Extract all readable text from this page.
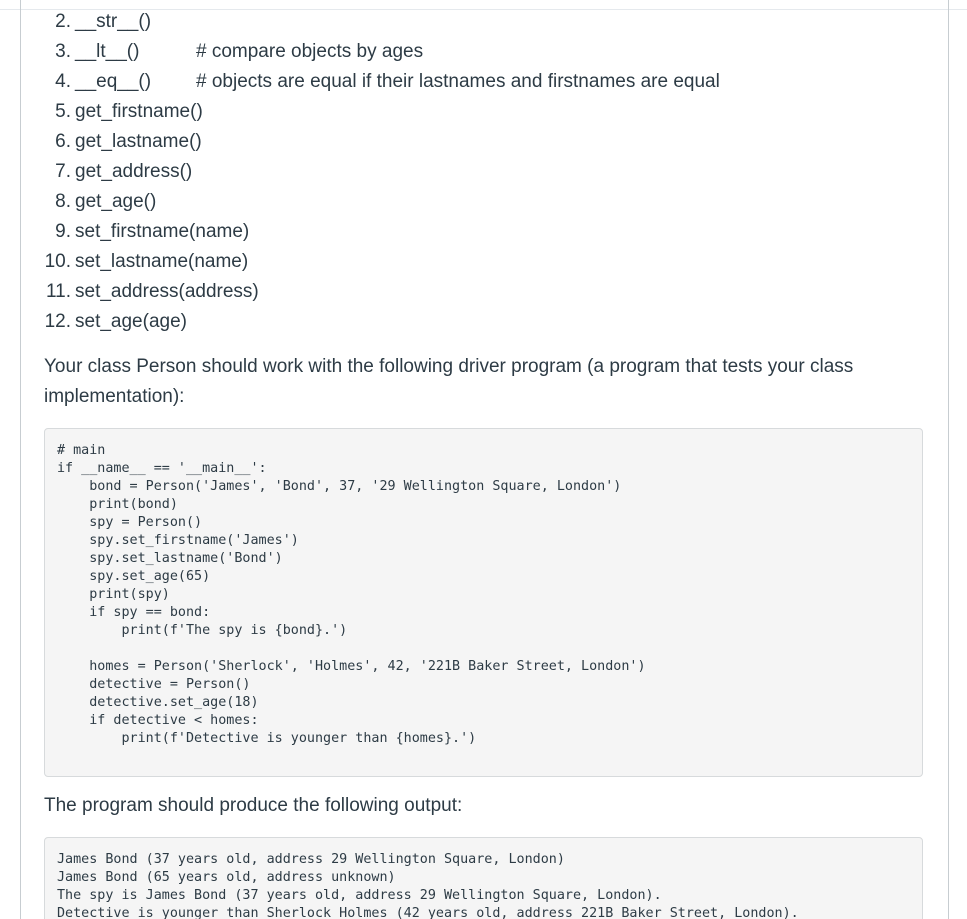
2. __str__()
3. __lt__()	# compare objects by ages
4. __eq__() # objects are equal if their lastnames and firstnames are equal
5. get_firstname()
6. get_lastname()
7. get_address()
8. get_age()
9. set_firstname(name)
10. set_lastname(name)
11. set_address(address)
12. set_age(age)

Your class Person should work with the following driver program (a program that tests your class implementation):

# main
if __name__ == '__main__':
bond = Person('James', 'Bond', 37, '29 Wellington Square, London')
print(bond)
spy = Person()
spy.set_firstname('James')
spy.set_lastname('Bond')
spy.set_age(65)
print(spy)
if spy == bond:
print(f'The spy is {bond}.')
homes = Person('Sherlock', 'Holmes', 42, '221B Baker Street, London')
detective = Person()
detective.set_age(18)
if detective < homes:
print(f'Detective is younger than {homes}.')

The program should produce the following output:

James Bond (37 years old, address 29 Wellington Square, London)
James Bond (65 years old, address unknown)
The spy is James Bond (37 years old, address 29 Wellington Square, London).
Detective is younger than Sherlock Holmes (42 years old, address 221B Baker Street, London).
